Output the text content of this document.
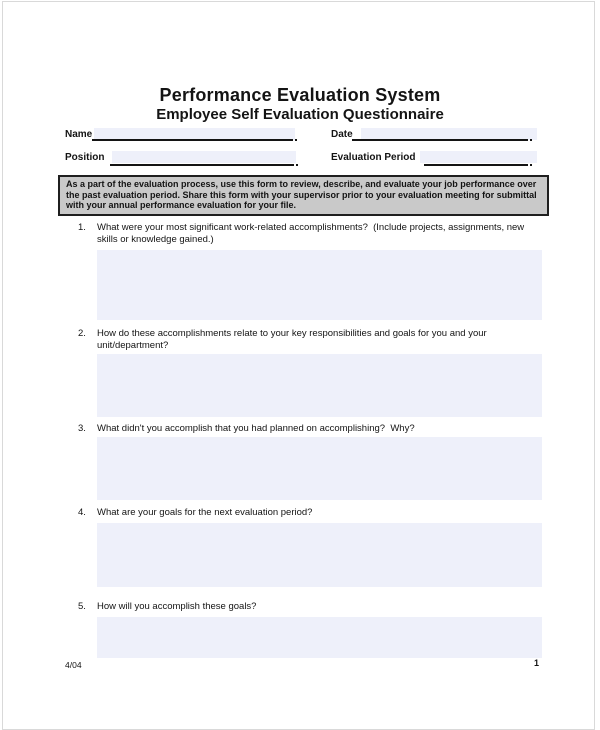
Performance Evaluation System
Employee Self Evaluation Questionnaire
Name	Date
Position	Evaluation Period
As a part of the evaluation process, use this form to review, describe, and evaluate your job performance over the past evaluation period. Share this form with your supervisor prior to your evaluation meeting for submittal with your annual performance evaluation for your file.
1.	What were your most significant work-related accomplishments?  (Include projects, assignments, new skills or knowledge gained.)
2.	How do these accomplishments relate to your key responsibilities and goals for you and your unit/department?
3.	What didn't you accomplish that you had planned on accomplishing?  Why?
4.	What are your goals for the next evaluation period?
5.	How will you accomplish these goals?
4/04	1
